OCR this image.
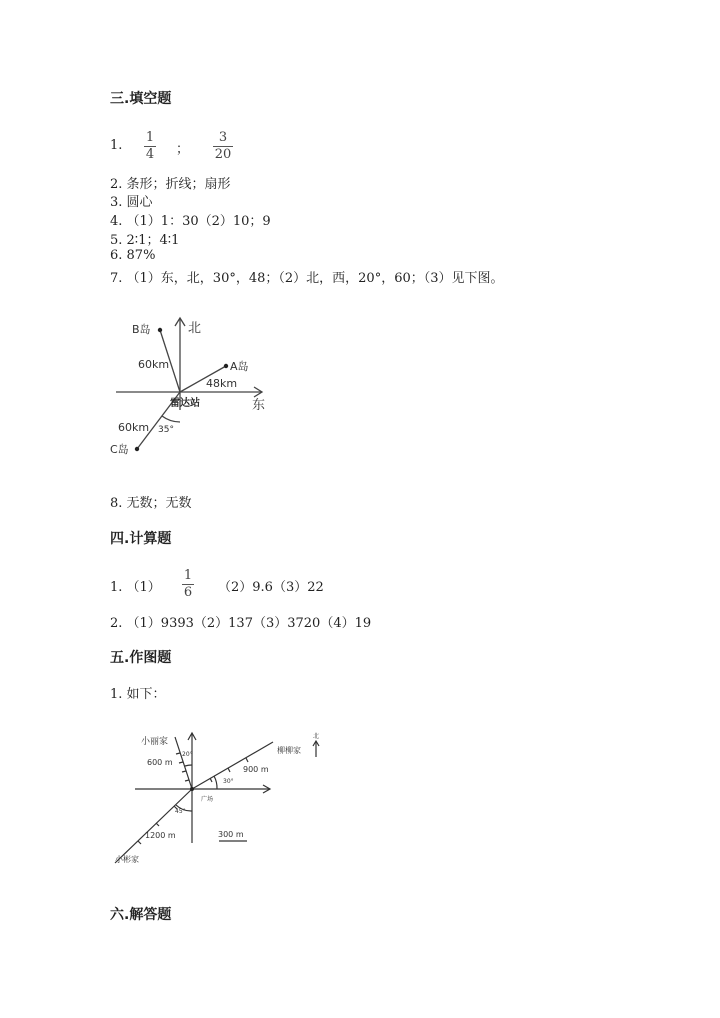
三.填空题
1.
1
4 ；
3
20
2. 条形；折线；扇形
3. 圆心
4. （1）1：30（2）10；9
5. 2∶1；4∶1
6. 87%
7. （1）东，北，30°，48；（2）北，西，20°，60；（3）见下图。
北
东
B岛
A岛
C岛
60km
48km
60km
雷达站
35°
8. 无数；无数
四.计算题
1. （1）
1
6 （2）9.6（3）22
2. （1）9393（2）137（3）3720（4）19
五.作图题
1. 如下：
小丽家
柳柳家
小彬家
600 m
900 m
1200 m
20°
30°
45°
广场
300 m
北
六.解答题
